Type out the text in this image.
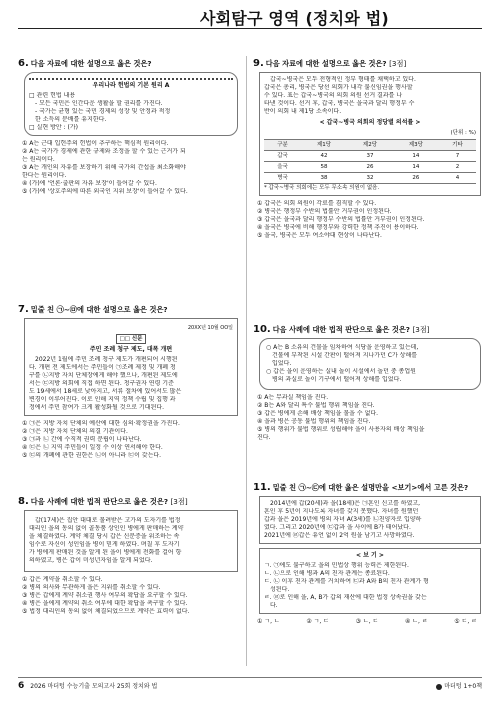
사회탐구 영역 (정치와 법)
6. 다음 자료에 대한 설명으로 옳은 것은?
우리나라 헌법의 기본 원리 A
□ 관련 헌법 내용
- 모든 국민은 인간다운 생활을 할 권리를 가진다.
- 국가는 균형 있는 국민 경제의 성장 및 안정과 적정
한 소득의 분배를 유지한다.
□ 실현 방안 : (가)
① A는 근대 입헌주의 헌법이 추구하는 핵심적 원리이다.
② A는 국가가 경제에 관한 규제와 조정을 할 수 있는 근거가 되
는 원리이다.
③ A는 개인의 자유를 보장하기 위해 국가의 간섭을 최소화해야
한다는 원리이다.
④ (가)에 '언론·출판의 자유 보장'이 들어갈 수 있다.
⑤ (가)에 '상호주의에 따른 외국인 지위 보장'이 들어갈 수 있다.
7. 밑줄 친 ㉠~㉤에 대한 설명으로 옳은 것은?
20XX년 10월 OO일
□□ 신문
주민 조례 청구 제도, 대폭 개편
2022년 1월에 주민 조례 청구 제도가 개편되어 시행된
다. 개편 전 제도에서는 주민들이 ㉠조례 제정 및 개폐 청
구를 ㉡지방 자치 단체장에게 해야 했으나, 개편된 제도에
서는 ㉢지방 의회에 직접 하면 된다. 청구권자 연령 기준
도 19세에서 18세로 낮아지고, 서류 절차에 있어서도 많은
변경이 이루어진다. 이로 인해 지역 정책 수립 및 집행 과
정에서 주민 참여가 크게 활성화될 것으로 기대된다.
① ㉠은 지방 자치 단체의 예산에 대한 심의·확정권을 가진다.
② ㉠은 지방 자치 단체의 의결 기관이다.
③ ㉠과 ㉡ 간에 수직적 권력 분립이 나타난다.
④ ㉢은 ㉡ 지역 주민들이 일정 수 이상 연서해야 한다.
⑤ ㉢의 개폐에 관한 권한은 ㉡이 아니라 ㉢이 갖는다.
8. 다음 사례에 대한 법적 판단으로 옳은 것은? [3점]
갑(17세)은 집안 대대로 물려받은 고가의 도자기를 법정
대리인 을의 동의 없이 골동품 상인인 병에게 판매하는 계약
을 체결하였다. 계약 체결 당시 갑은 신분증을 위조하는 속
임수로 자신이 성인임을 병이 믿게 하였다. 며칠 후 도자기
가 병에게 판매된 것을 알게 된 을이 병에게 전화를 걸어 항
의하였고, 병은 갑이 미성년자임을 알게 되었다.
① 갑은 계약을 취소할 수 있다.
② 병의 의사와 무관하게 을은 지위를 취소할 수 있다.
③ 병은 갑에게 계약 취소권 행사 여부의 확답을 요구할 수 있다.
④ 병은 을에게 계약의 취소 여부에 대한 확답을 촉구할 수 있다.
⑤ 법정 대리인의 동의 없이 체결되었으므로 계약은 효력이 없다.
9. 다음 자료에 대한 설명으로 옳은 것은? [3점]
갑국~병국은 모두 전형적인 정부 형태를 채택하고 있다.
갑국은 총리, 병국은 당선 의회가 내각 불신임권을 행사할
수 있다. 표는 갑국~병국의 의회 의원 선거 결과를 나
타낸 것이다. 선거 후, 갑국, 병국은 을국과 달리 행정부 수
반이 의회 내 제1당 소속이다.
< 갑국~병국 의회의 정당별 의석률 >
(단위 : %)
구분	제1당	제2당	제3당	기타
갑국	42	37	14	7
을국	58	26	14	2
병국	38	32	26	4
* 갑국~병국 의회에는 모두 무소속 의원이 없음.
① 갑국은 의회 의원이 각료를 겸직할 수 있다.
② 병국은 행정부 수반의 법률안 거부권이 인정된다.
③ 갑국은 을국과 달리 행정부 수반의 법률안 거부권이 인정된다.
④ 을국은 병국에 비해 행정부와 강력한 정책 추진이 용이하다.
⑤ 을국, 병국은 모두 여소야대 현상이 나타난다.
10. 다음 사례에 대한 법적 판단으로 옳은 것은? [3점]
○ A는 B 소유의 건물을 임차하여 식당을 운영하고 있는데,
건물에 부착된 시설 간판이 떨어져 지나가던 C가 상해를
입었다.
○ 갑은 을이 운영하는 실내 놀이 시설에서 놀던 중 종업원
병의 과실로 놀이 기구에서 떨어져 상해를 입었다.
① A는 무과실 책임을 진다.
② B는 A와 달리 특수 불법 행위 책임을 진다.
③ 갑은 병에게 손해 배상 책임을 물을 수 없다.
④ 을과 병은 공동 불법 행위의 책임을 진다.
⑤ 병의 행위가 불법 행위로 성립해야 을이 사용자의 배상 책임을
진다.
11. 밑줄 친 ㉠~㉢에 대한 옳은 설명만을 <보기>에서 고른 것은?
2014년에 갑(20세)과 을(18세)은 ㉠혼인 신고를 하였고,
혼인 후 5년이 지나도록 자녀를 갖지 못했다. 자녀를 원했던
갑과 을은 2019년에 병의 자녀 A(3세)를 ㉡친양자로 입양하
였다. 그리고 2020년에 ㉢갑과 을 사이에 B가 태어났다.
2021년에 ㉣갑은 유언 없이 2억 원을 남기고 사망하였다.
< 보 기 >
ㄱ. ㉠에도 불구하고 을의 민법상 행위 능력은 제한된다.
ㄴ. ㉡으로 인해 병과 A의 친자 관계는 종료된다.
ㄷ. ㉡ 이후 친자 관계를 거치하여 ㉢과 A와 B의 친자 관계가 형
성된다.
ㄹ. ㉣로 인해 을, A, B가 갑의 재산에 대한 법정 상속권을 갖는
다.
① ㄱ, ㄴ	② ㄱ, ㄷ	③ ㄴ, ㄷ	④ ㄴ, ㄹ	⑤ ㄷ, ㄹ
6 2026 마더텅 수능기출 모의고사 25회 정치와 법	마더텅 1+0책
